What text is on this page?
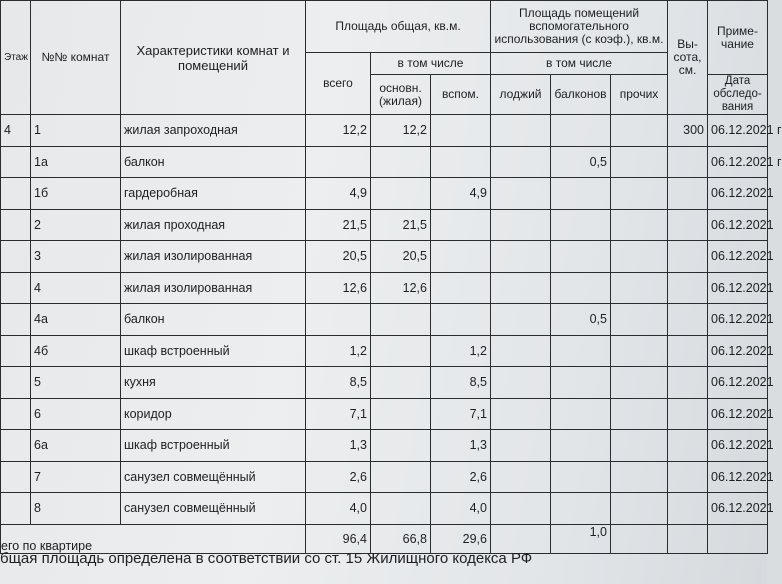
Этаж	№№ комнат	Характеристики комнат и помещений	Площадь общая, кв.м.			Площадь помещений вспомогательного использования (с коэф.), кв.м.			Вы-сота, см.	Приме-чание
			всего	в том числе		в том числе				
				основн. (жилая)	вспом.	лоджий	балконов	прочих		Дата обследо-вания
4	1	жилая запроходная	12,2	12,2					300	06.12.2021 г
	1а	балкон					0,5			06.12.2021 г
	1б	гардеробная	4,9		4,9					06.12.2021
	2	жилая проходная	21,5	21,5						06.12.2021
	3	жилая изолированная	20,5	20,5						06.12.2021
	4	жилая изолированная	12,6	12,6						06.12.2021
	4а	балкон					0,5			06.12.2021
	4б	шкаф встроенный	1,2		1,2					06.12.2021
	5	кухня	8,5		8,5					06.12.2021
	6	коридор	7,1		7,1					06.12.2021
	6а	шкаф встроенный	1,3		1,3					06.12.2021
	7	санузел совмещённый	2,6		2,6					06.12.2021
	8	санузел совмещённый	4,0		4,0					06.12.2021
его по квартире			96,4	66,8	29,6		1,0			
бщая площадь определена в соответствии со ст. 15 Жилищного кодекса РФ
